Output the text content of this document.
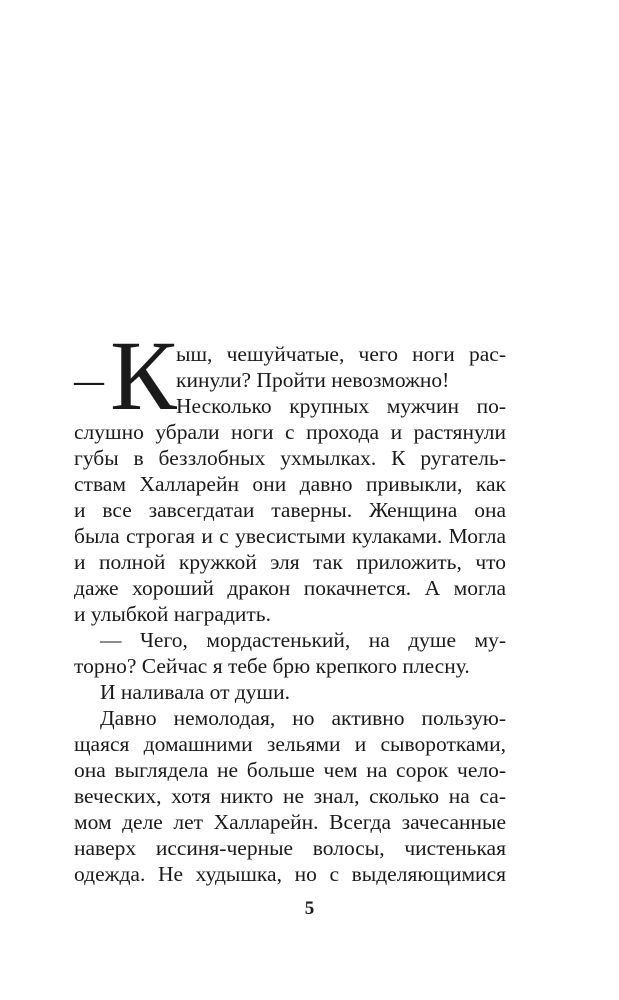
— К ыш, чешуйчатые, чего ноги рас-
кинули? Пройти невозможно!
Несколько крупных мужчин по-
слушно убрали ноги с прохода и растянули
губы в беззлобных ухмылках. К ругатель-
ствам Халларейн они давно привыкли, как
и все завсегдатаи таверны. Женщина она
была строгая и с увесистыми кулаками. Могла
и полной кружкой эля так приложить, что
даже хороший дракон покачнется. А могла
и улыбкой наградить.
— Чего, мордастенький, на душе му-
торно? Сейчас я тебе брю крепкого плесну.
И наливала от души.
Давно немолодая, но активно пользую-
щаяся домашними зельями и сыворотками,
она выглядела не больше чем на сорок чело-
веческих, хотя никто не знал, сколько на са-
мом деле лет Халларейн. Всегда зачесанные
наверх иссиня-черные волосы, чистенькая
одежда. Не худышка, но с выделяющимися
5
